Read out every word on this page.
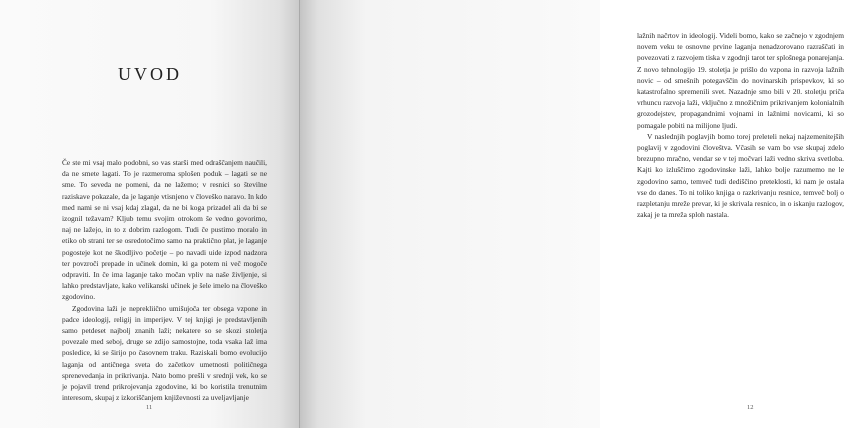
UVOD

Če ste mi vsaj malo podobni, so vas starši med odraščanjem naučili, da ne smete lagati. To je razmeroma splošen poduk – lagati se ne sme. To seveda ne pomeni, da ne lažemo; v resnici so številne raziskave pokazale, da je laganje vtisnjeno v človeško naravo. In kdo med nami se ni vsaj kdaj zlagal, da ne bi koga prizadel ali da bi se izognil težavam? Kljub temu svojim otrokom še vedno govorimo, naj ne lažejo, in to z dobrim razlogom. Tudi če pustimo moralo in etiko ob strani ter se osredotočimo samo na praktično plat, je laganje pogosteje kot ne škodljivo početje – po navadi uide izpod nadzora ter povzroči prepade in učinek domin, ki ga potem ni več mogoče odpraviti. In če ima laganje tako močan vpliv na naše življenje, si lahko predstavljate, kako velikanski učinek je šele imelo na človeško zgodovino.

Zgodovina laži je neprekliično umišujoča ter obsega vzpone in padce ideologij, religij in imperijev. V tej knjigi je predstavljenih samo petdeset najbolj znanih laži; nekatere so se skozi stoletja povezale med seboj, druge se zdijo samostojne, toda vsaka laž ima posledice, ki se širijo po časovnem traku. Raziskali bomo evolucijo laganja od antičnega sveta do začetkov umetnosti političnega sprenevedanja in prikrivanja. Nato bomo prešli v srednji vek, ko se je pojavil trend prikrojevanja zgodovine, ki bo koristila trenutnim interesom, skupaj z izkoriščanjem književnosti za uveljavljanje

11

lažnih načrtov in ideologij. Videli bomo, kako se začnejo v zgodnjem novem veku te osnovne prvine laganja nenadzorovano razraščati in povezovati z razvojem tiska v zgodnji tarot ter splošnega ponarejanja. Z novo tehnologijo 19. stoletja je prišlo do vzpona in razvoja lažnih novic – od smešnih potegavščin do novinarskih prispevkov, ki so katastrofalno spremenili svet. Nazadnje smo bili v 20. stoletju priča vrhuncu razvoja laži, vključno z množičnim prikrivanjem kolonialnih grozodejstev, propagandnimi vojnami in lažnimi novicami, ki so pomagale pobiti na milijone ljudi.

V naslednjih poglavjih bomo torej preleteli nekaj najzemenitejših poglavij v zgodovini človeštva. Včasih se vam bo vse skupaj zdelo brezupno mračno, vendar se v tej močvari laži vedno skriva svetloba. Kajti ko izluščimo zgodovinske laži, lahko bolje razumemo ne le zgodovino samo, temveč tudi dediščino preteklosti, ki nam je ostala vse do danes. To ni toliko knjiga o razkrivanju resnice, temveč bolj o razpletanju mreže prevar, ki je skrivala resnico, in o iskanju razlogov, zakaj je ta mreža sploh nastala.

12
